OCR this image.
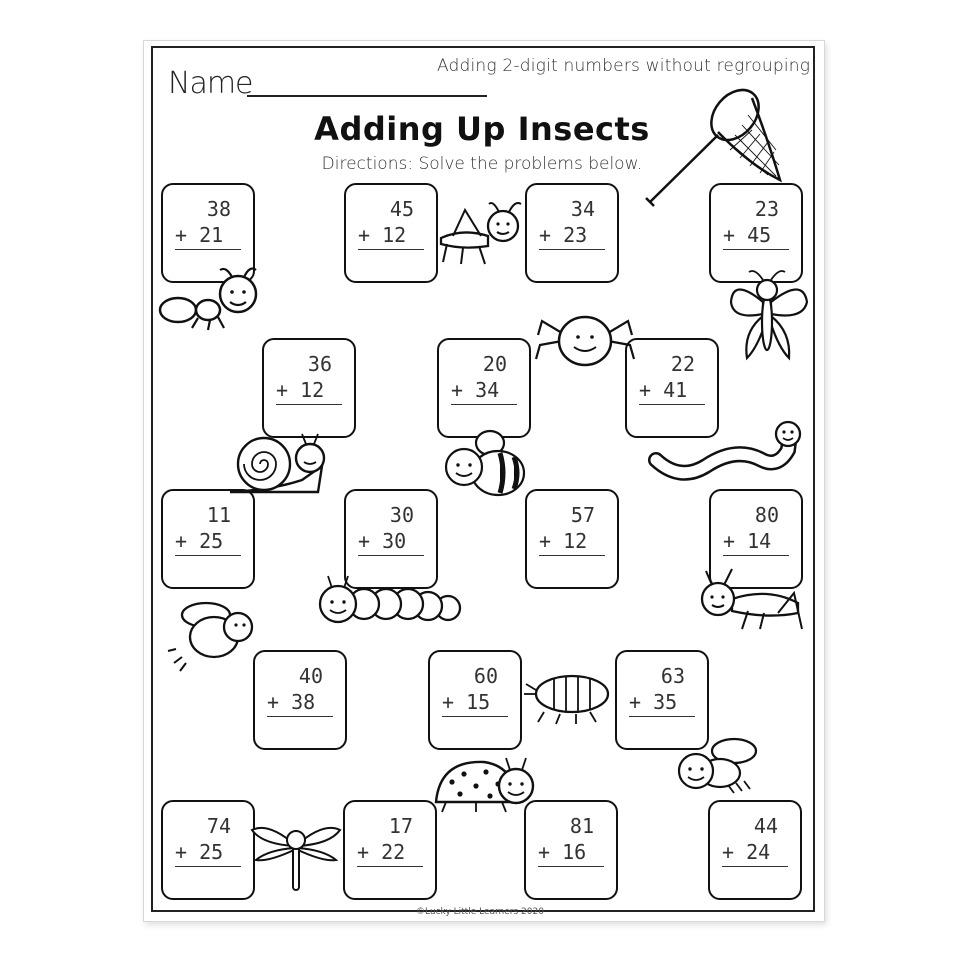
Adding 2-digit numbers without regrouping
Name
Adding Up Insects
Directions: Solve the problems below.
38
+ 21
45
+ 12
34
+ 23
23
+ 45
36
+ 12
20
+ 34
22
+ 41
11
+ 25
30
+ 30
57
+ 12
80
+ 14
40
+ 38
60
+ 15
63
+ 35
74
+ 25
17
+ 22
81
+ 16
44
+ 24
©Lucky Little Learners 2020
